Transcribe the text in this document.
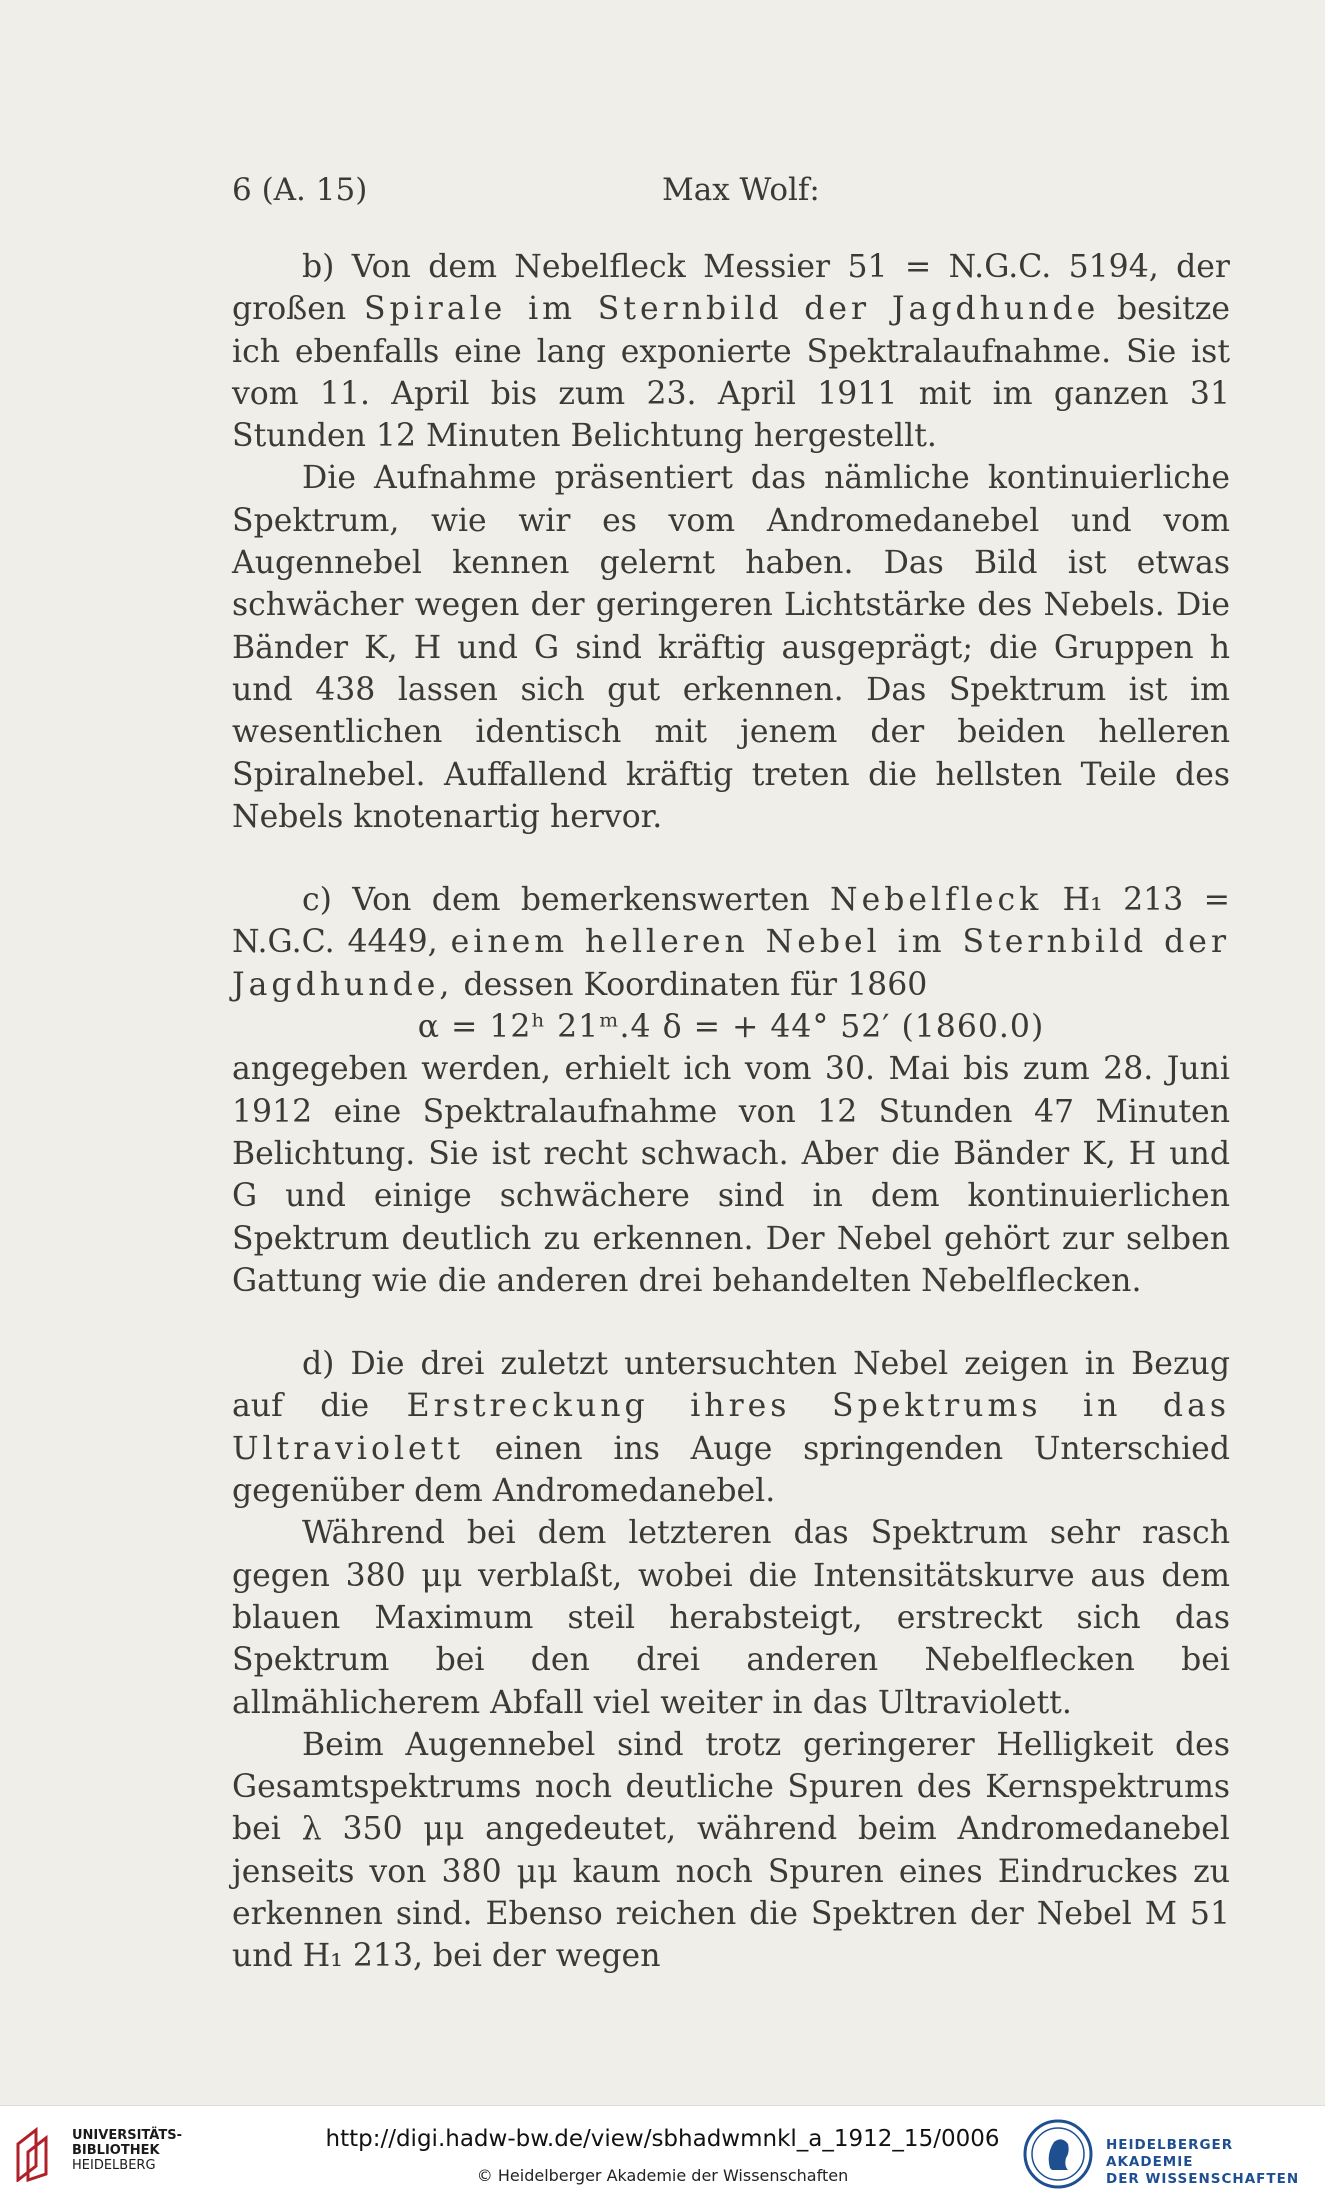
6 (A. 15)	Max Wolf:

b) Von dem Nebelfleck Messier 51 = N.G.C. 5194, der großen Spirale im Sternbild der Jagdhunde besitze ich ebenfalls eine lang exponierte Spektralaufnahme. Sie ist vom 11. April bis zum 23. April 1911 mit im ganzen 31 Stunden 12 Minuten Belichtung hergestellt.

Die Aufnahme präsentiert das nämliche kontinuierliche Spektrum, wie wir es vom Andromedanebel und vom Augennebel kennen gelernt haben. Das Bild ist etwas schwächer wegen der geringeren Lichtstärke des Nebels. Die Bänder K, H und G sind kräftig ausgeprägt; die Gruppen h und 438 lassen sich gut erkennen. Das Spektrum ist im wesentlichen identisch mit jenem der beiden helleren Spiralnebel. Auffallend kräftig treten die hellsten Teile des Nebels knotenartig hervor.

c) Von dem bemerkenswerten Nebelfleck H₁ 213 = N.G.C. 4449, einem helleren Nebel im Sternbild der Jagdhunde, dessen Koordinaten für 1860

α = 12ʰ 21ᵐ.4 δ = + 44° 52′ (1860.0)

angegeben werden, erhielt ich vom 30. Mai bis zum 28. Juni 1912 eine Spektralaufnahme von 12 Stunden 47 Minuten Belichtung. Sie ist recht schwach. Aber die Bänder K, H und G und einige schwächere sind in dem kontinuierlichen Spektrum deutlich zu erkennen. Der Nebel gehört zur selben Gattung wie die anderen drei behandelten Nebelflecken.

d) Die drei zuletzt untersuchten Nebel zeigen in Bezug auf die Erstreckung ihres Spektrums in das Ultraviolett einen ins Auge springenden Unterschied gegenüber dem Andromedanebel.

Während bei dem letzteren das Spektrum sehr rasch gegen 380 μμ verblaßt, wobei die Intensitätskurve aus dem blauen Maximum steil herabsteigt, erstreckt sich das Spektrum bei den drei anderen Nebelflecken bei allmählicherem Abfall viel weiter in das Ultraviolett.

Beim Augennebel sind trotz geringerer Helligkeit des Gesamtspektrums noch deutliche Spuren des Kernspektrums bei λ 350 μμ angedeutet, während beim Andromedanebel jenseits von 380 μμ kaum noch Spuren eines Eindruckes zu erkennen sind. Ebenso reichen die Spektren der Nebel M 51 und H₁ 213, bei der wegen

UNIVERSITÄTS-
BIBLIOTHEK
HEIDELBERG
http://digi.hadw-bw.de/view/sbhadwmnkl_a_1912_15/0006
© Heidelberger Akademie der Wissenschaften
HEIDELBERGER AKADEMIE
DER WISSENSCHAFTEN
